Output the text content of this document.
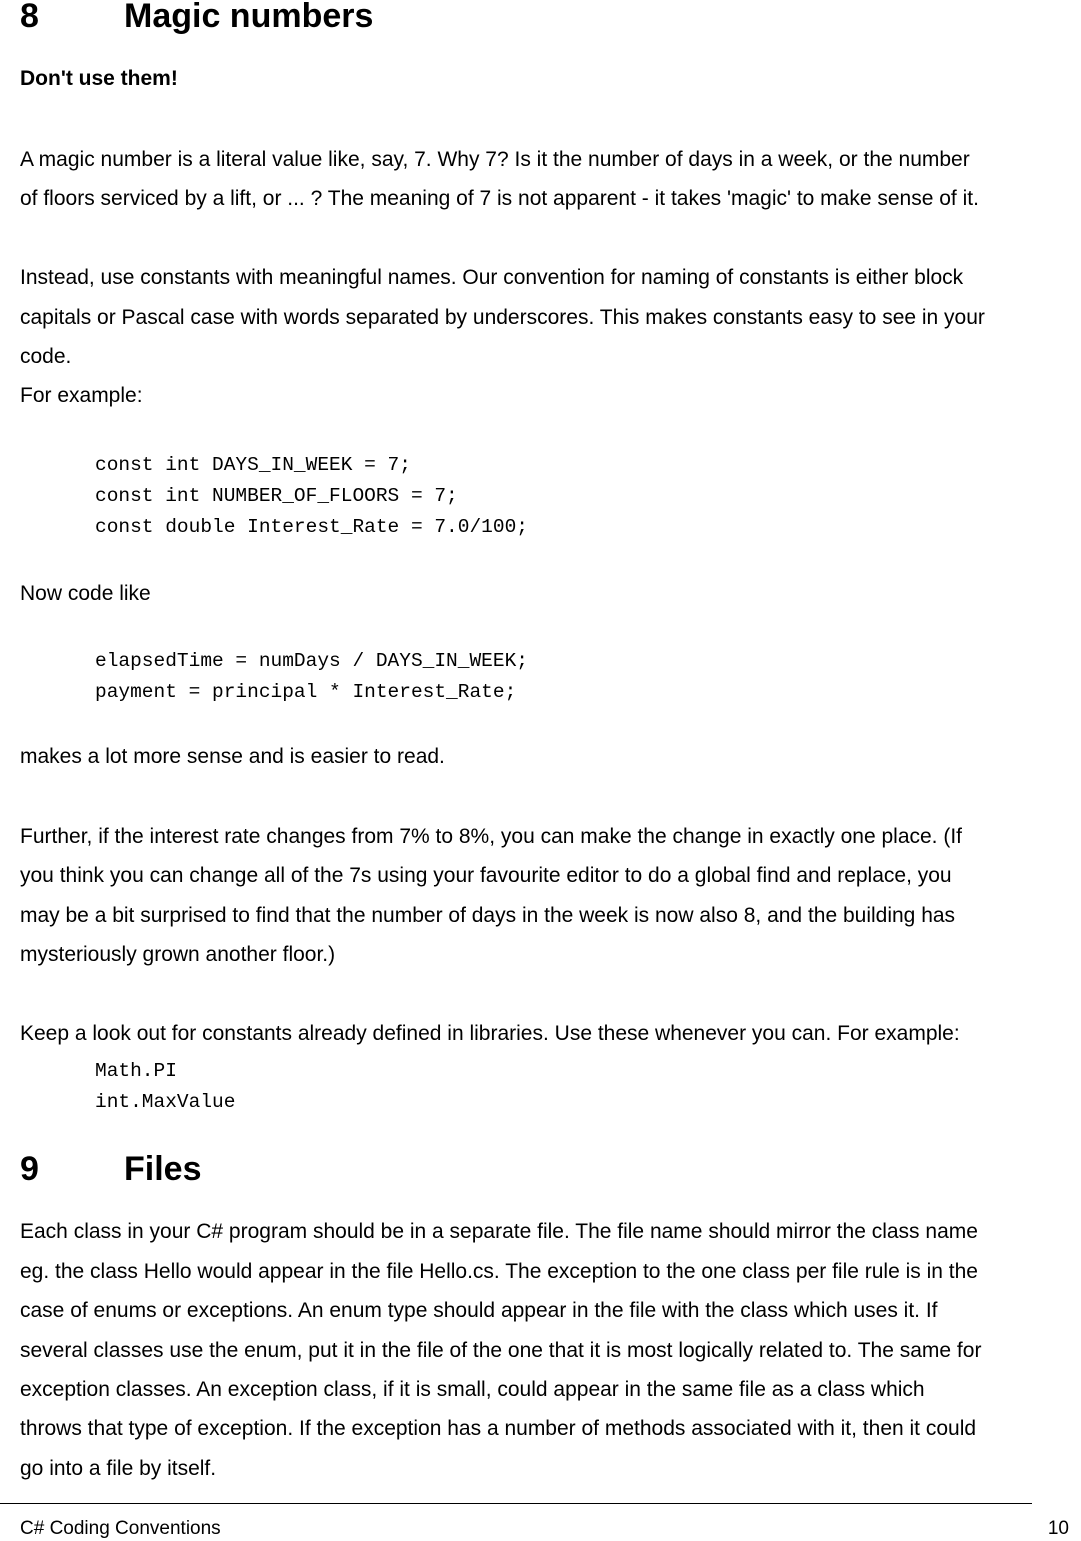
8	Magic numbers
Don't use them!
A magic number is a literal value like, say, 7. Why 7? Is it the number of days in a week, or the number
of floors serviced by a lift, or ... ? The meaning of 7 is not apparent - it takes 'magic' to make sense of it.
Instead, use constants with meaningful names. Our convention for naming of constants is either block
capitals or Pascal case with words separated by underscores. This makes constants easy to see in your
code.
For example:
const int DAYS_IN_WEEK = 7;
const int NUMBER_OF_FLOORS = 7;
const double Interest_Rate = 7.0/100;
Now code like
elapsedTime = numDays / DAYS_IN_WEEK;
payment = principal * Interest_Rate;
makes a lot more sense and is easier to read.
Further, if the interest rate changes from 7% to 8%, you can make the change in exactly one place. (If
you think you can change all of the 7s using your favourite editor to do a global find and replace, you
may be a bit surprised to find that the number of days in the week is now also 8, and the building has
mysteriously grown another floor.)
Keep a look out for constants already defined in libraries. Use these whenever you can. For example:
Math.PI
int.MaxValue
9	Files
Each class in your C# program should be in a separate file. The file name should mirror the class name
eg. the class Hello would appear in the file Hello.cs. The exception to the one class per file rule is in the
case of enums or exceptions. An enum type should appear in the file with the class which uses it. If
several classes use the enum, put it in the file of the one that it is most logically related to. The same for
exception classes. An exception class, if it is small, could appear in the same file as a class which
throws that type of exception. If the exception has a number of methods associated with it, then it could
go into a file by itself.
C# Coding Conventions	10
